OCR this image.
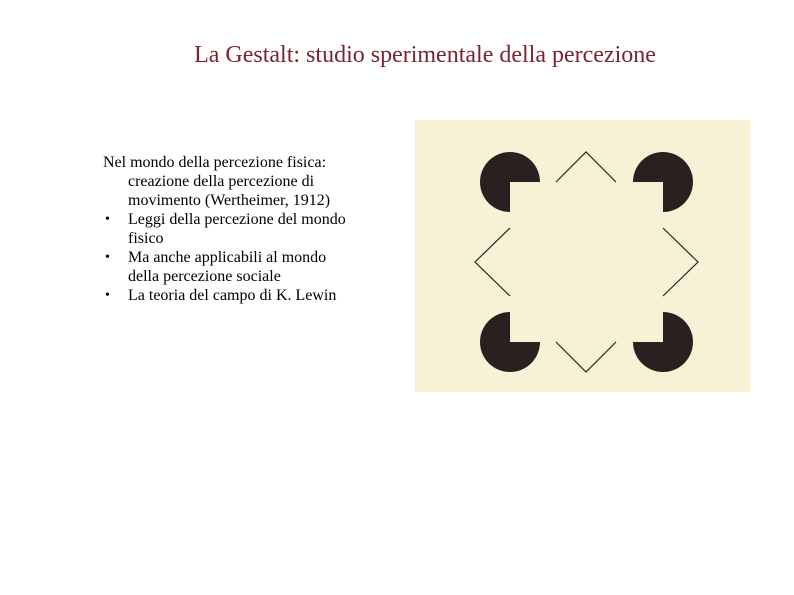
La Gestalt: studio sperimentale della percezione

Nel mondo della percezione fisica:
creazione della percezione di
movimento (Wertheimer, 1912)

• Leggi della percezione del mondo
fisico
• Ma anche applicabili al mondo
della percezione sociale
• La teoria del campo di K. Lewin
